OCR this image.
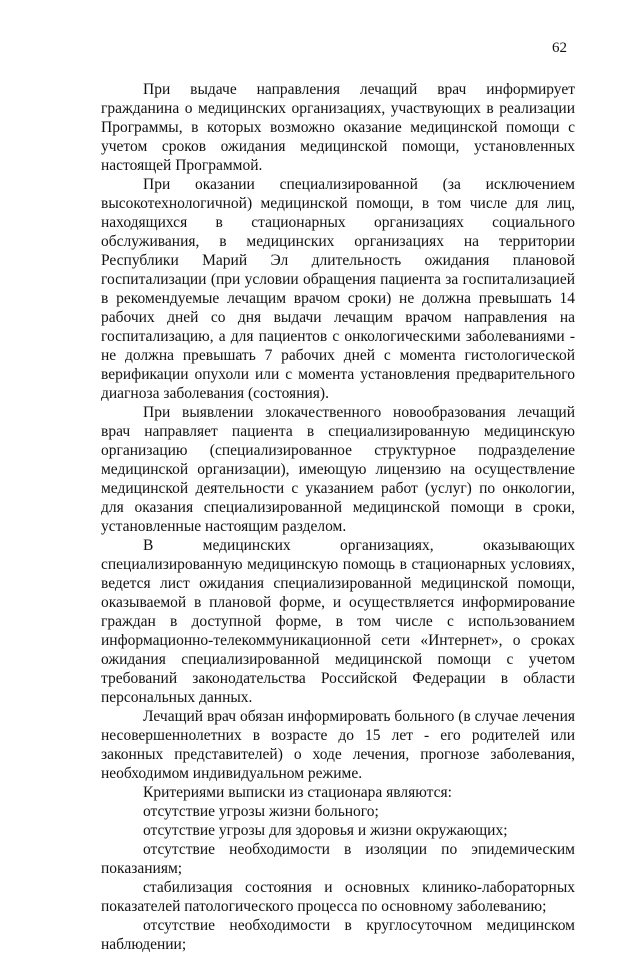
62

При выдаче направления лечащий врач информирует гражданина о медицинских организациях, участвующих в реализации Программы, в которых возможно оказание медицинской помощи с учетом сроков ожидания медицинской помощи, установленных настоящей Программой.

При оказании специализированной (за исключением высокотехнологичной) медицинской помощи, в том числе для лиц, находящихся в стационарных организациях социального обслуживания, в медицинских организациях на территории Республики Марий Эл длительность ожидания плановой госпитализации (при условии обращения пациента за госпитализацией в рекомендуемые лечащим врачом сроки) не должна превышать 14 рабочих дней со дня выдачи лечащим врачом направления на госпитализацию, а для пациентов с онкологическими заболеваниями - не должна превышать 7 рабочих дней с момента гистологической верификации опухоли или с момента установления предварительного диагноза заболевания (состояния).

При выявлении злокачественного новообразования лечащий врач направляет пациента в специализированную медицинскую организацию (специализированное структурное подразделение медицинской организации), имеющую лицензию на осуществление медицинской деятельности с указанием работ (услуг) по онкологии, для оказания специализированной медицинской помощи в сроки, установленные настоящим разделом.

В медицинских организациях, оказывающих специализированную медицинскую помощь в стационарных условиях, ведется лист ожидания специализированной медицинской помощи, оказываемой в плановой форме, и осуществляется информирование граждан в доступной форме, в том числе с использованием информационно-телекоммуникационной сети «Интернет», о сроках ожидания специализированной медицинской помощи с учетом требований законодательства Российской Федерации в области персональных данных.

Лечащий врач обязан информировать больного (в случае лечения несовершеннолетних в возрасте до 15 лет - его родителей или законных представителей) о ходе лечения, прогнозе заболевания, необходимом индивидуальном режиме.

Критериями выписки из стационара являются:

отсутствие угрозы жизни больного;

отсутствие угрозы для здоровья и жизни окружающих;

отсутствие необходимости в изоляции по эпидемическим показаниям;

стабилизация состояния и основных клинико-лабораторных показателей патологического процесса по основному заболеванию;

отсутствие необходимости в круглосуточном медицинском наблюдении;
